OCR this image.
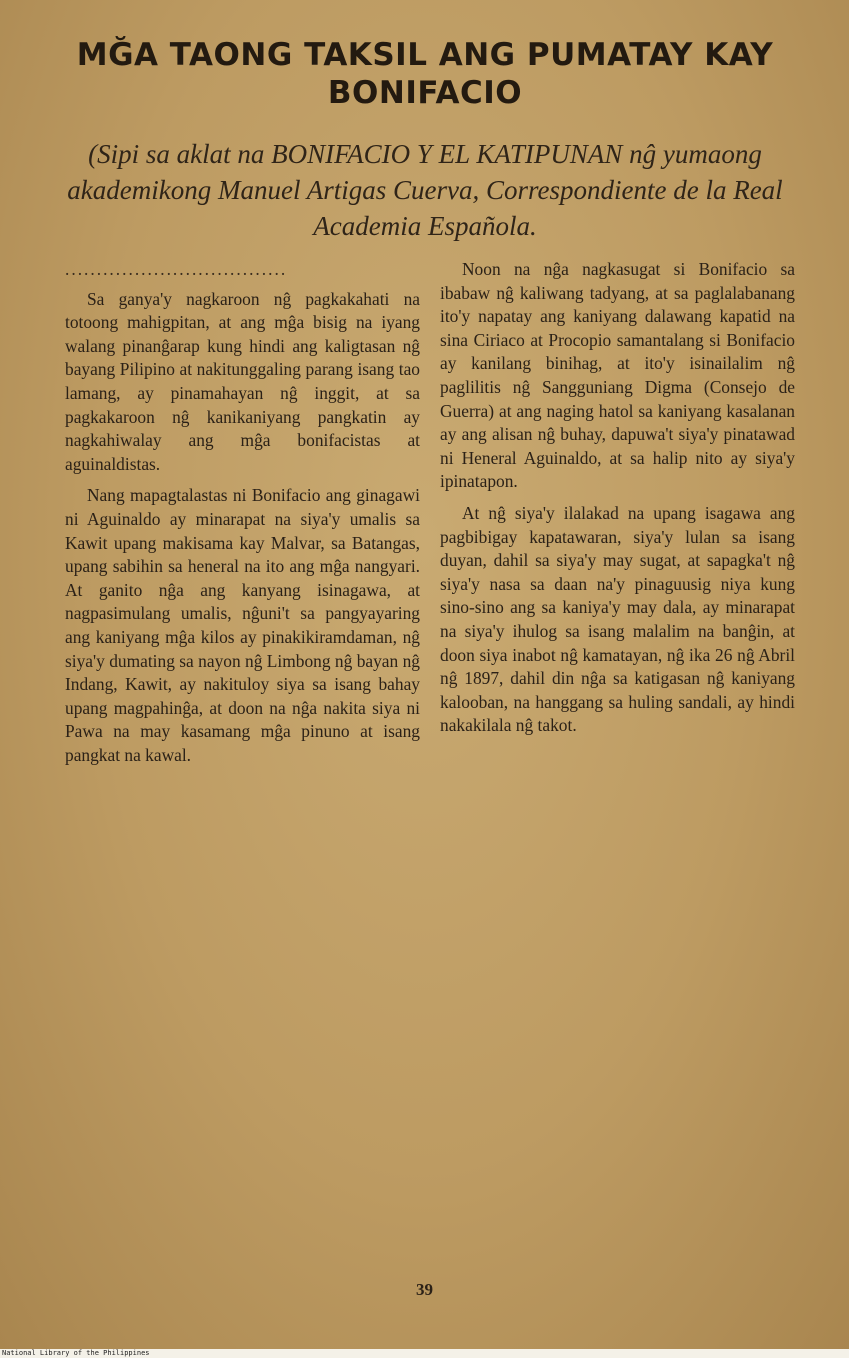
MĞA TAONG TAKSIL ANG PUMATAY KAY BONIFACIO
(Sipi sa aklat na BONIFACIO Y EL KATIPUNAN nĝ yumaong akademikong Manuel Artigas Cuerva, Correspondiente de la Real Academia Española.
...................................

Sa ganya'y nagkaroon nĝ pagkakahati na totoong mahigpitan, at ang mĝa bisig na iyang walang pinanĝarap kung hindi ang kaligtasan nĝ bayang Pilipino at nakitunggaling parang isang tao lamang, ay pinamahayan nĝ inggit, at sa pagkakaroon nĝ kanikaniyang pangkatin ay nagkahiwalay ang mĝa bonifacistas at aguinaldistas.

Nang mapagtalastas ni Bonifacio ang ginagawi ni Aguinaldo ay minarapat na siya'y umalis sa Kawit upang makisama kay Malvar, sa Batangas, upang sabihin sa heneral na ito ang mĝa nangyari. At ganito nĝa ang kanyang isinagawa, at nagpasimulang umalis, nĝuni't sa pangyayaring ang kaniyang mĝa kilos ay pinakikiramdaman, nĝ siya'y dumating sa nayon nĝ Limbong nĝ bayan nĝ Indang, Kawit, ay nakituloy siya sa isang bahay upang magpahinĝa, at doon na nĝa nakita siya ni Pawa na may kasamang mĝa pinuno at isang pangkat na kawal.

Noon na nĝa nagkasugat si Bonifacio sa ibabaw nĝ kaliwang tadyang, at sa paglalabanang ito'y napatay ang kaniyang dalawang kapatid na sina Ciriaco at Procopio samantalang si Bonifacio ay kanilang binihag, at ito'y isinailalim nĝ paglilitis nĝ Sangguniang Digma (Consejo de Guerra) at ang naging hatol sa kaniyang kasalanan ay ang alisan nĝ buhay, dapuwa't siya'y pinatawad ni Heneral Aguinaldo, at sa halip nito ay siya'y ipinatapon.

At nĝ siya'y ilalakad na upang isagawa ang pagbibigay kapatawaran, siya'y lulan sa isang duyan, dahil sa siya'y may sugat, at sapagka't nĝ siya'y nasa sa daan na'y pinaguusig niya kung sino-sino ang sa kaniya'y may dala, ay minarapat na siya'y ihulog sa isang malalim na banĝin, at doon siya inabot nĝ kamatayan, nĝ ika 26 nĝ Abril nĝ 1897, dahil din nĝa sa katigasan nĝ kaniyang kalooban, na hanggang sa huling sandali, ay hindi nakakilala nĝ takot.

39
National Library of the Philippines
